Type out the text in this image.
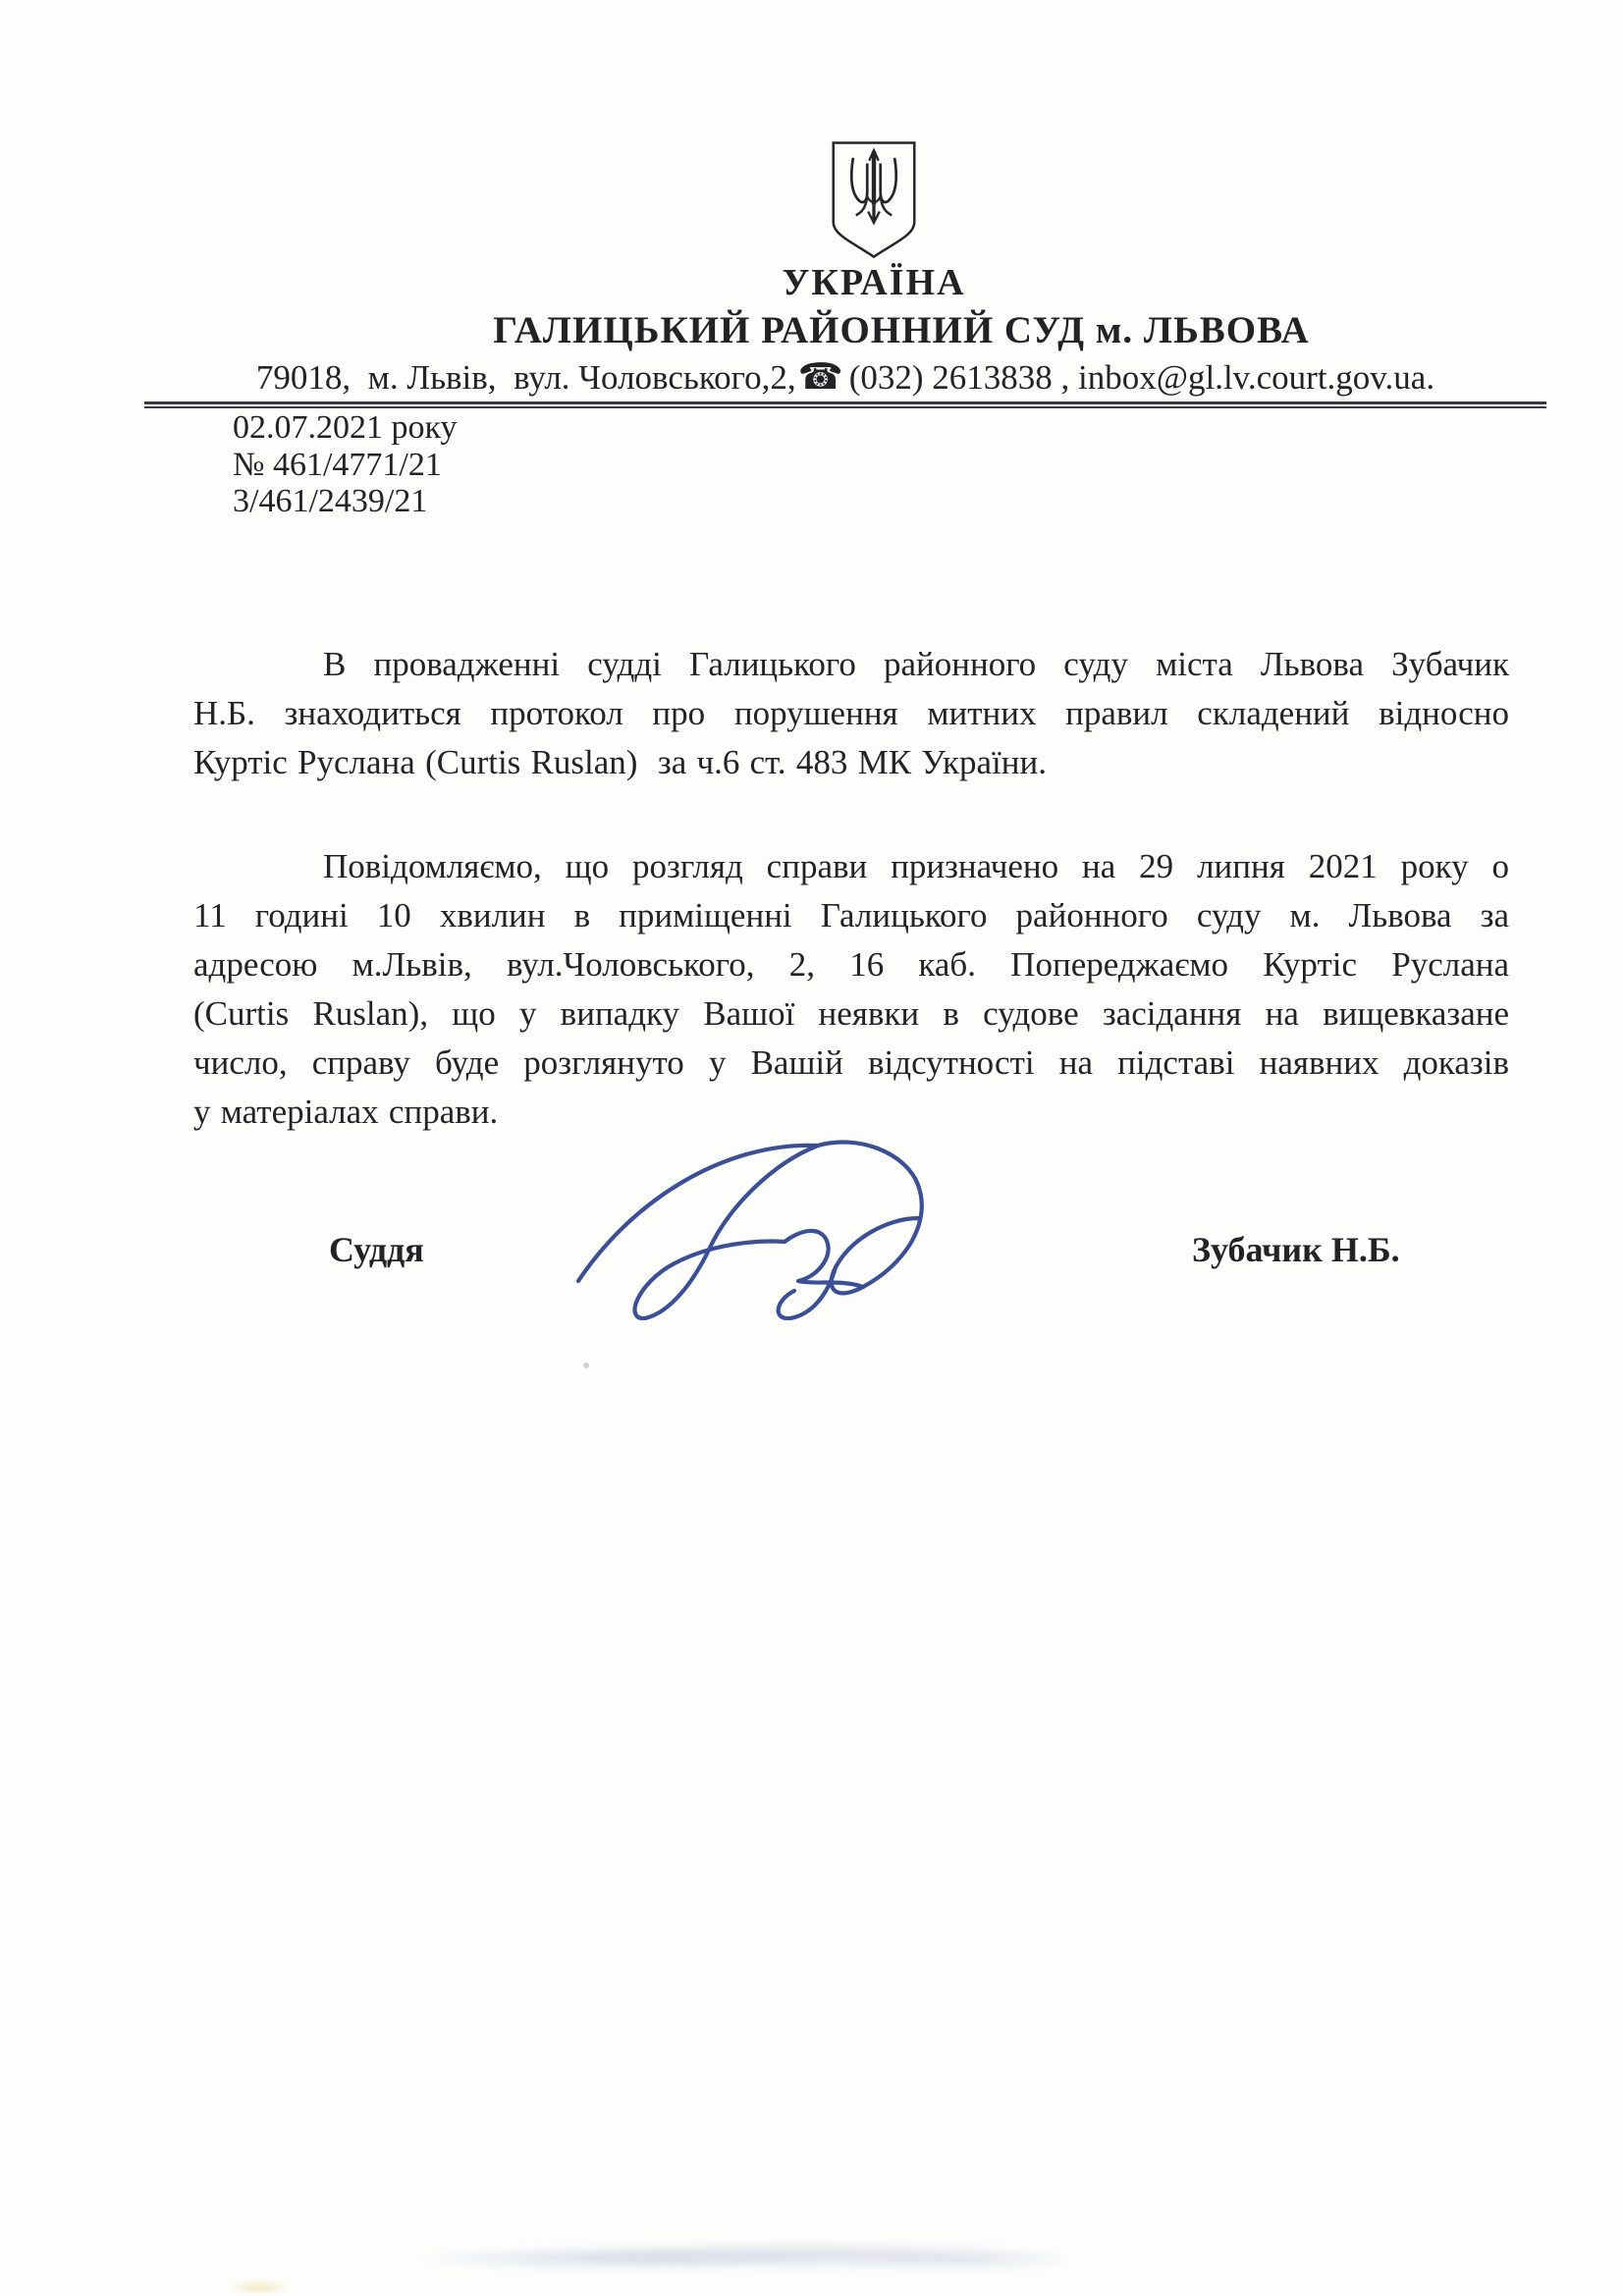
УКРАЇНА
ГАЛИЦЬКИЙ РАЙОННИЙ СУД м. ЛЬВОВА
79018,  м. Львів,  вул. Чоловського,2,☎ (032) 2613838 , inbox@gl.lv.court.gov.ua.
02.07.2021 року
№ 461/4771/21
3/461/2439/21
В провадженні судді Галицького районного суду міста Львова Зубачик
Н.Б. знаходиться протокол про порушення митних правил складений відносно
Куртіс Руслана (Curtis Ruslan)  за ч.6 ст. 483 МК України.
Повідомляємо, що розгляд справи призначено на 29 липня 2021 року о
11 годині 10 хвилин в приміщенні Галицького районного суду м. Львова за
адресою м.Львів, вул.Чоловського, 2, 16 каб. Попереджаємо Куртіс Руслана
(Curtis Ruslan), що у випадку Вашої неявки в судове засідання на вищевказане
число, справу буде розглянуто у Вашій відсутності на підставі наявних доказів
у матеріалах справи.
Суддя	Зубачик Н.Б.
